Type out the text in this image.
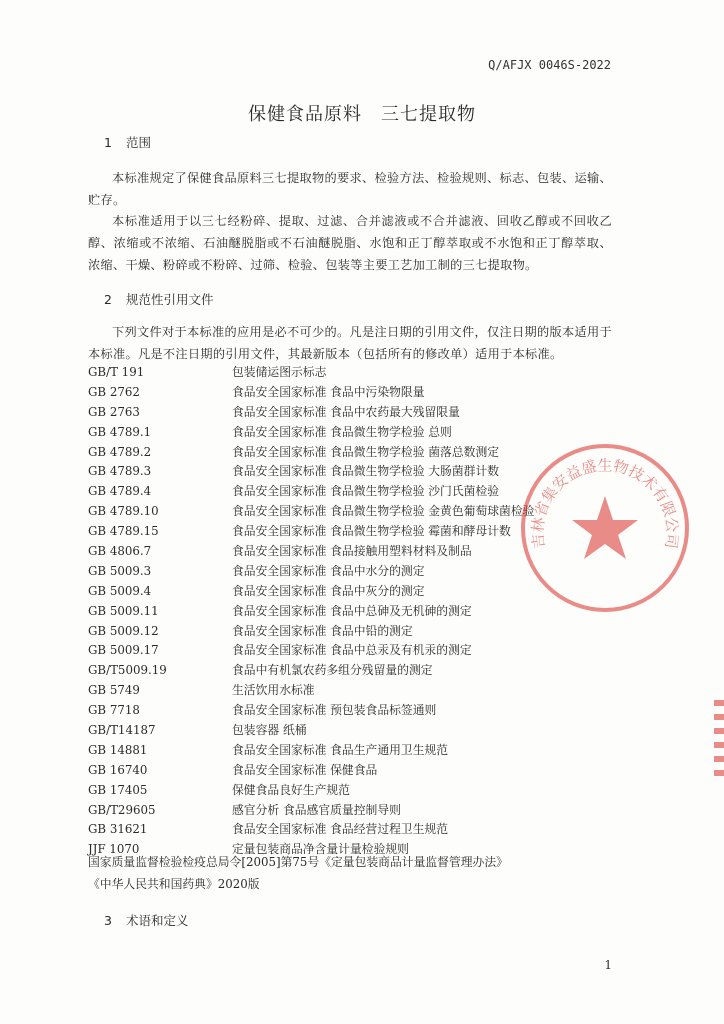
Q/AFJX 0046S-2022
保健食品原料　三七提取物
1 范围
本标准规定了保健食品原料三七提取物的要求、检验方法、检验规则、标志、包装、运输、贮存。
本标准适用于以三七经粉碎、提取、过滤、合并滤液或不合并滤液、回收乙醇或不回收乙醇、浓缩或不浓缩、石油醚脱脂或不石油醚脱脂、水饱和正丁醇萃取或不水饱和正丁醇萃取、浓缩、干燥、粉碎或不粉碎、过筛、检验、包装等主要工艺加工制的三七提取物。
2 规范性引用文件
下列文件对于本标准的应用是必不可少的。凡是注日期的引用文件，仅注日期的版本适用于本标准。凡是不注日期的引用文件，其最新版本（包括所有的修改单）适用于本标准。
GB/T 191	包装储运图示标志
GB 2762	食品安全国家标准 食品中污染物限量
GB 2763	食品安全国家标准 食品中农药最大残留限量
GB 4789.1	食品安全国家标准 食品微生物学检验 总则
GB 4789.2	食品安全国家标准 食品微生物学检验 菌落总数测定
GB 4789.3	食品安全国家标准 食品微生物学检验 大肠菌群计数
GB 4789.4	食品安全国家标准 食品微生物学检验 沙门氏菌检验
GB 4789.10	食品安全国家标准 食品微生物学检验 金黄色葡萄球菌检验
GB 4789.15	食品安全国家标准 食品微生物学检验 霉菌和酵母计数
GB 4806.7	食品安全国家标准 食品接触用塑料材料及制品
GB 5009.3	食品安全国家标准 食品中水分的测定
GB 5009.4	食品安全国家标准 食品中灰分的测定
GB 5009.11	食品安全国家标准 食品中总砷及无机砷的测定
GB 5009.12	食品安全国家标准 食品中铅的测定
GB 5009.17	食品安全国家标准 食品中总汞及有机汞的测定
GB/T5009.19	食品中有机氯农药多组分残留量的测定
GB 5749	生活饮用水标准
GB 7718	食品安全国家标准 预包装食品标签通则
GB/T14187	包装容器 纸桶
GB 14881	食品安全国家标准 食品生产通用卫生规范
GB 16740	食品安全国家标准 保健食品
GB 17405	保健食品良好生产规范
GB/T29605	感官分析 食品感官质量控制导则
GB 31621	食品安全国家标准 食品经营过程卫生规范
JJF 1070	定量包装商品净含量计量检验规则
国家质量监督检验检疫总局令[2005]第75号《定量包装商品计量监督管理办法》
《中华人民共和国药典》2020版
3 术语和定义
1
吉林省集安益盛生物技术有限公司
